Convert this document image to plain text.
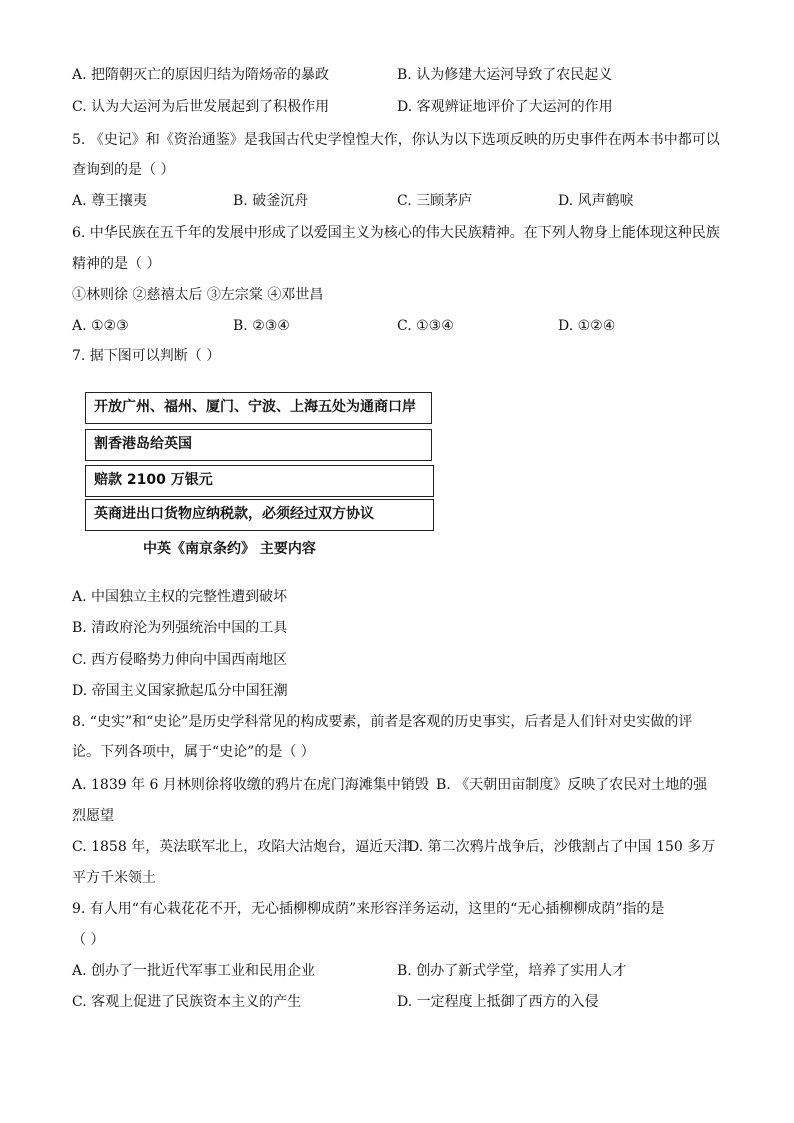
A. 把隋朝灭亡的原因归结为隋炀帝的暴政	B. 认为修建大运河导致了农民起义
C. 认为大运河为后世发展起到了积极作用	D. 客观辨证地评价了大运河的作用
5. 《史记》和《资治通鉴》是我国古代史学惶惶大作，你认为以下选项反映的历史事件在两本书中都可以
查询到的是（ ）
A. 尊王攘夷	B. 破釜沉舟	C. 三顾茅庐	D. 风声鹤唳
6. 中华民族在五千年的发展中形成了以爱国主义为核心的伟大民族精神。在下列人物身上能体现这种民族
精神的是（ ）
①林则徐 ②慈禧太后 ③左宗棠 ④邓世昌
A. ①②③	B. ②③④	C. ①③④	D. ①②④
7. 据下图可以判断（ ）
开放广州、福州、厦门、宁波、上海五处为通商口岸
割香港岛给英国
赔款 2100 万银元
英商进出口货物应纳税款，必须经过双方协议
中英《南京条约》 主要内容
A. 中国独立主权的完整性遭到破坏
B. 清政府沦为列强统治中国的工具
C. 西方侵略势力伸向中国西南地区
D. 帝国主义国家掀起瓜分中国狂潮
8. “史实”和“史论”是历史学科常见的构成要素，前者是客观的历史事实，后者是人们针对史实做的评
论。下列各项中，属于“史论”的是（ ）
A. 1839 年 6 月林则徐将收缴的鸦片在虎门海滩集中销毁 B. 《天朝田亩制度》反映了农民对土地的强
烈愿望
C. 1858 年，英法联军北上，攻陷大沽炮台，逼近天津
D. 第二次鸦片战争后，沙俄割占了中国 150 多万
平方千米领土
9. 有人用“有心栽花花不开，无心插柳柳成荫”来形容洋务运动，这里的“无心插柳柳成荫”指的是
（ ）
A. 创办了一批近代军事工业和民用企业	B. 创办了新式学堂，培养了实用人才
C. 客观上促进了民族资本主义的产生	D. 一定程度上抵御了西方的入侵
